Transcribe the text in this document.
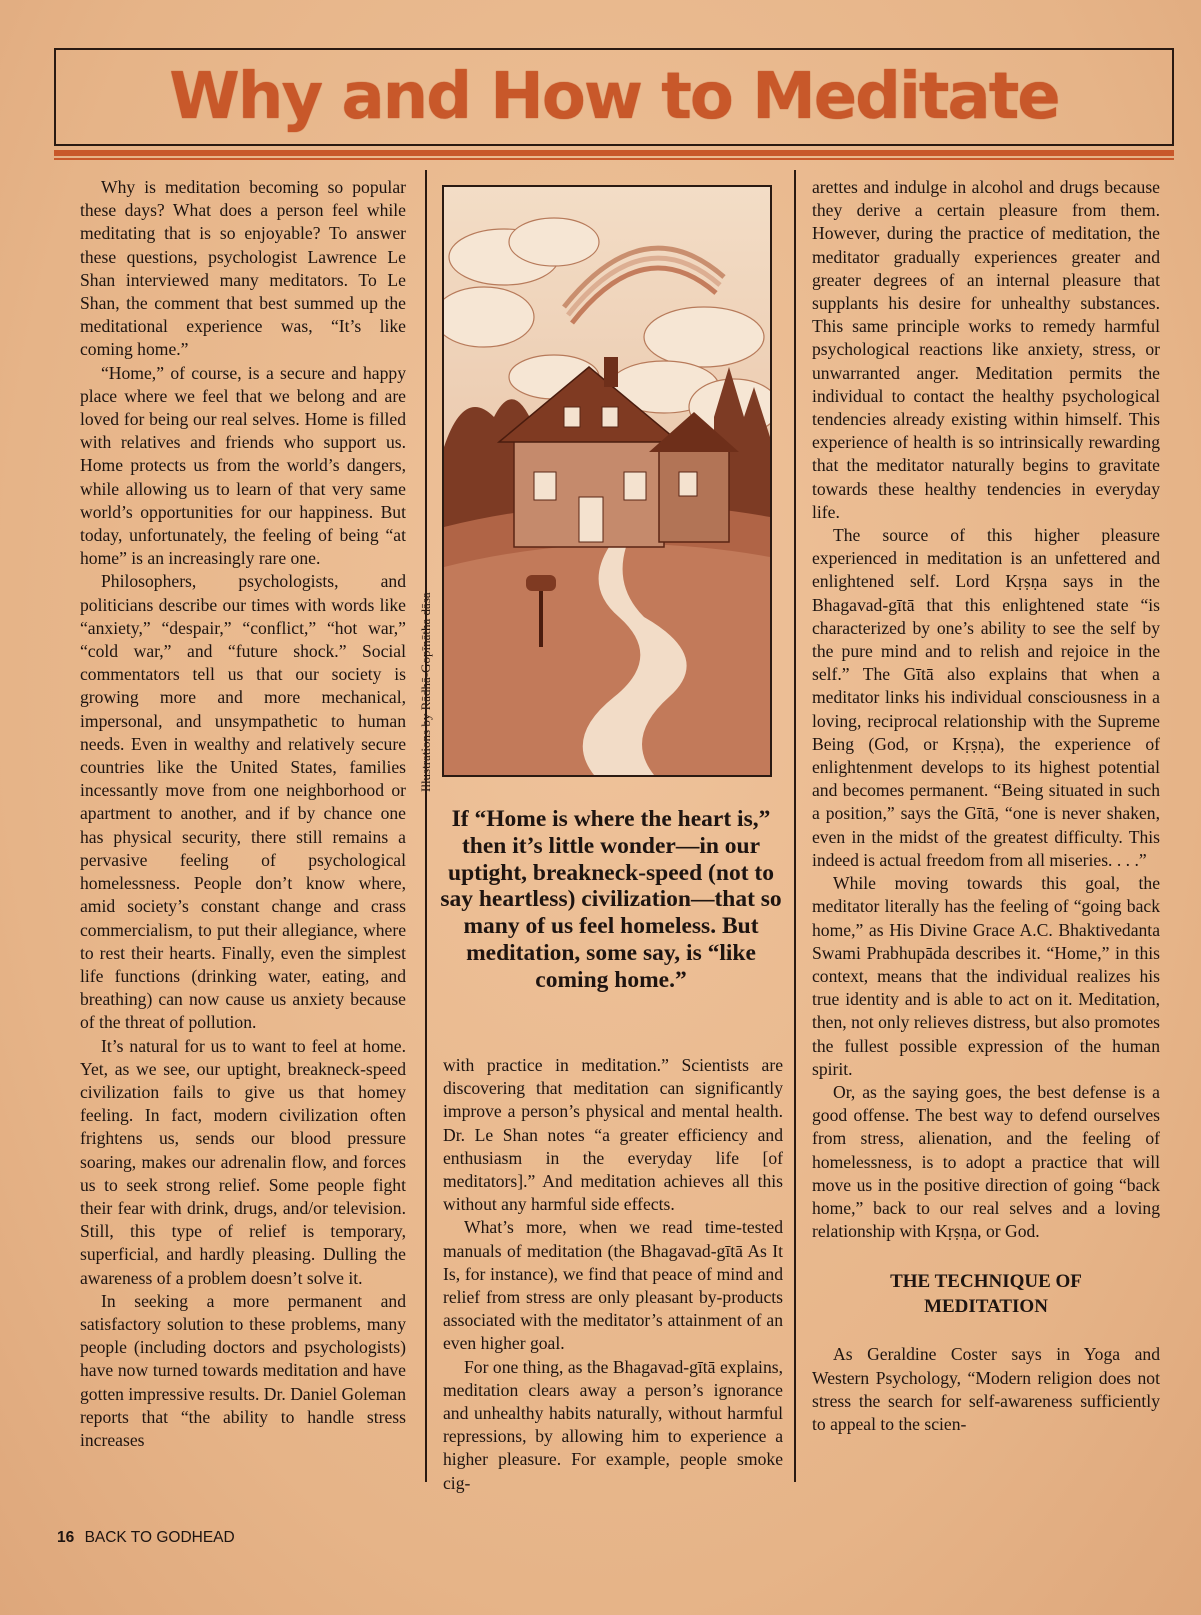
Why and How to Meditate

Why is meditation becoming so popular these days? What does a person feel while meditating that is so enjoyable? To answer these questions, psychologist Lawrence Le Shan interviewed many meditators. To Le Shan, the comment that best summed up the meditational experience was, “It’s like coming home.”

“Home,” of course, is a secure and happy place where we feel that we belong and are loved for being our real selves. Home is filled with relatives and friends who support us. Home protects us from the world’s dangers, while allowing us to learn of that very same world’s opportunities for our happiness. But today, unfortunately, the feeling of being “at home” is an increasingly rare one.

Philosophers, psychologists, and politicians describe our times with words like “anxiety,” “despair,” “conflict,” “hot war,” “cold war,” and “future shock.” Social commentators tell us that our society is growing more and more mechanical, impersonal, and unsympathetic to human needs. Even in wealthy and relatively secure countries like the United States, families incessantly move from one neighborhood or apartment to another, and if by chance one has physical security, there still remains a pervasive feeling of psychological homelessness. People don’t know where, amid society’s constant change and crass commercialism, to put their allegiance, where to rest their hearts. Finally, even the simplest life functions (drinking water, eating, and breathing) can now cause us anxiety because of the threat of pollution.

It’s natural for us to want to feel at home. Yet, as we see, our uptight, breakneck-speed civilization fails to give us that homey feeling. In fact, modern civilization often frightens us, sends our blood pressure soaring, makes our adrenalin flow, and forces us to seek strong relief. Some people fight their fear with drink, drugs, and/or television. Still, this type of relief is temporary, superficial, and hardly pleasing. Dulling the awareness of a problem doesn’t solve it.

In seeking a more permanent and satisfactory solution to these problems, many people (including doctors and psychologists) have now turned towards meditation and have gotten impressive results. Dr. Daniel Goleman reports that “the ability to handle stress increases

Illustrations by Rādhā-Gopīnātha dāsa
If “Home is where the heart is,” then it’s little wonder—in our uptight, breakneck-speed (not to say heartless) civilization—that so many of us feel homeless. But meditation, some say, is “like coming home.”

with practice in meditation.” Scientists are discovering that meditation can significantly improve a person’s physical and mental health. Dr. Le Shan notes “a greater efficiency and enthusiasm in the everyday life [of meditators].” And meditation achieves all this without any harmful side effects.

What’s more, when we read time-tested manuals of meditation (the Bhagavad-gītā As It Is, for instance), we find that peace of mind and relief from stress are only pleasant by-products associated with the meditator’s attainment of an even higher goal.

For one thing, as the Bhagavad-gītā explains, meditation clears away a person’s ignorance and unhealthy habits naturally, without harmful repressions, by allowing him to experience a higher pleasure. For example, people smoke cig-

arettes and indulge in alcohol and drugs because they derive a certain pleasure from them. However, during the practice of meditation, the meditator gradually experiences greater and greater degrees of an internal pleasure that supplants his desire for unhealthy substances. This same principle works to remedy harmful psychological reactions like anxiety, stress, or unwarranted anger. Meditation permits the individual to contact the healthy psychological tendencies already existing within himself. This experience of health is so intrinsically rewarding that the meditator naturally begins to gravitate towards these healthy tendencies in everyday life.

The source of this higher pleasure experienced in meditation is an unfettered and enlightened self. Lord Kṛṣṇa says in the Bhagavad-gītā that this enlightened state “is characterized by one’s ability to see the self by the pure mind and to relish and rejoice in the self.” The Gītā also explains that when a meditator links his individual consciousness in a loving, reciprocal relationship with the Supreme Being (God, or Kṛṣṇa), the experience of enlightenment develops to its highest potential and becomes permanent. “Being situated in such a position,” says the Gītā, “one is never shaken, even in the midst of the greatest difficulty. This indeed is actual freedom from all miseries. . . .”

While moving towards this goal, the meditator literally has the feeling of “going back home,” as His Divine Grace A.C. Bhaktivedanta Swami Prabhupāda describes it. “Home,” in this context, means that the individual realizes his true identity and is able to act on it. Meditation, then, not only relieves distress, but also promotes the fullest possible expression of the human spirit.

Or, as the saying goes, the best defense is a good offense. The best way to defend ourselves from stress, alienation, and the feeling of homelessness, is to adopt a practice that will move us in the positive direction of going “back home,” back to our real selves and a loving relationship with Kṛṣṇa, or God.

THE TECHNIQUE OF
MEDITATION

As Geraldine Coster says in Yoga and Western Psychology, “Modern religion does not stress the search for self-awareness sufficiently to appeal to the scien-

16 BACK TO GODHEAD
